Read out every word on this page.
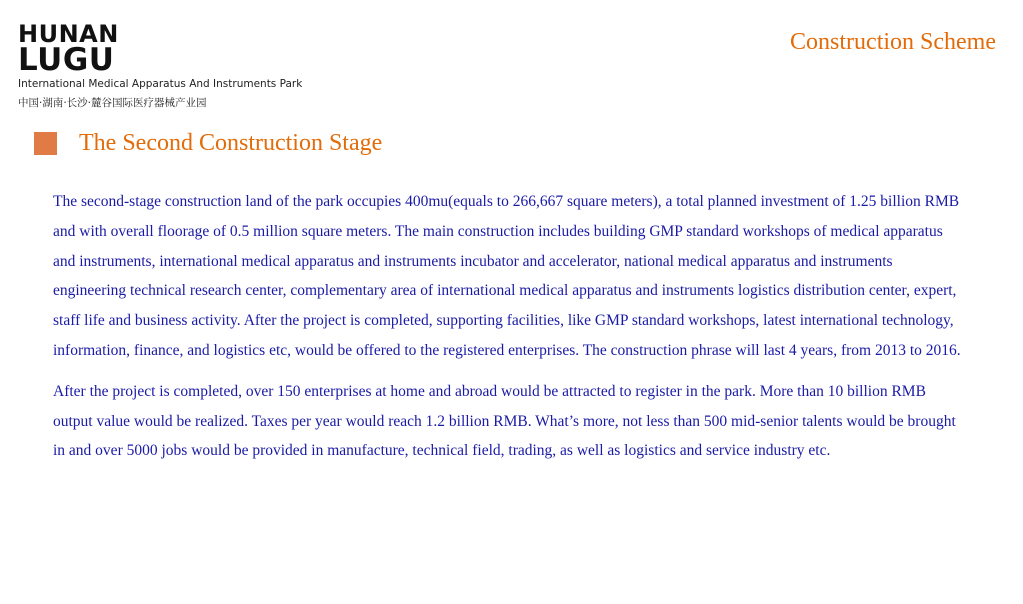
HUNAN
LUGU
International Medical Apparatus And Instruments Park
中国·湖南·长沙·麓谷国际医疗器械产业园
Construction Scheme
The Second Construction Stage

The second-stage construction land of the park occupies 400mu(equals to 266,667 square meters), a total planned investment of 1.25 billion RMB and with overall floorage of 0.5 million square meters. The main construction includes building GMP standard workshops of medical apparatus and instruments, international medical apparatus and instruments incubator and accelerator, national medical apparatus and instruments engineering technical research center, complementary area of international medical apparatus and instruments logistics distribution center, expert, staff life and business activity. After the project is completed, supporting facilities, like GMP standard workshops, latest international technology, information, finance, and logistics etc, would be offered to the registered enterprises. The construction phrase will last 4 years, from 2013 to 2016.

After the project is completed, over 150 enterprises at home and abroad would be attracted to register in the park. More than 10 billion RMB output value would be realized. Taxes per year would reach 1.2 billion RMB. What’s more, not less than 500 mid-senior talents would be brought in and over 5000 jobs would be provided in manufacture, technical field, trading, as well as logistics and service industry etc.
